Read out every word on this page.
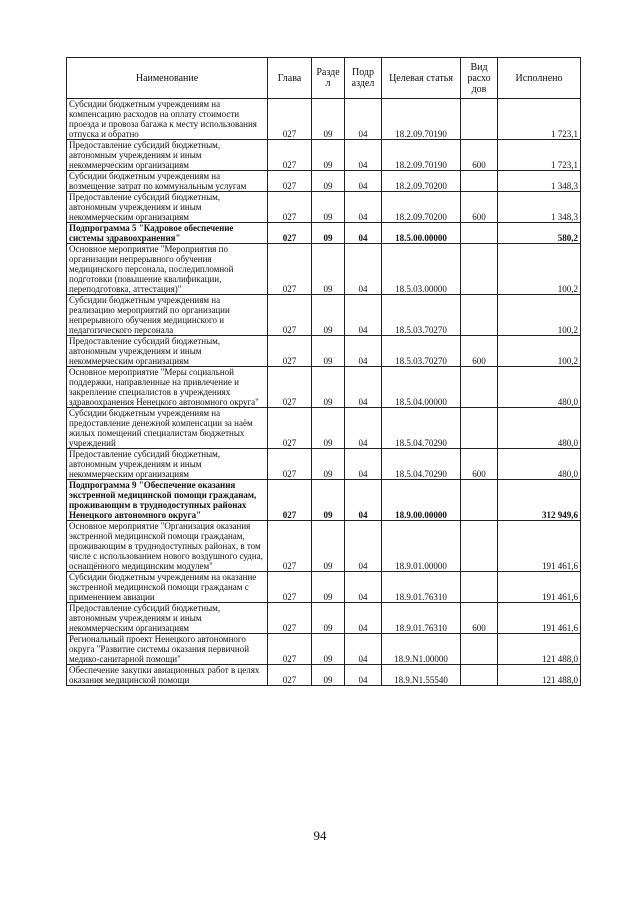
Наименование	Глава	Разде л	Подр аздел	Целевая статья	Вид расхо дов	Исполнено
Субсидии бюджетным учреждениям на компенсацию расходов на оплату стоимости проезда и провоза багажа к месту использования отпуска и обратно	027	09	04	18.2.09.70190		1 723,1
Предоставление субсидий бюджетным, автономным учреждениям и иным некоммерческим организациям	027	09	04	18.2.09.70190	600	1 723,1
Субсидии бюджетным учреждениям на возмещение затрат по коммунальным услугам	027	09	04	18.2.09.70200		1 348,3
Предоставление субсидий бюджетным, автономным учреждениям и иным некоммерческим организациям	027	09	04	18.2.09.70200	600	1 348,3
Подпрограмма 5 "Кадровое обеспечение системы здравоохранения"	027	09	04	18.5.00.00000		580,2
Основное мероприятие "Мероприятия по организации непрерывного обучения медицинского персонала, последипломной подготовки (повышение квалификации, переподготовка, аттестация)"	027	09	04	18.5.03.00000		100,2
Субсидии бюджетным учреждениям на реализацию мероприятий по организации непрерывного обучения медицинского и педагогического персонала	027	09	04	18.5.03.70270		100,2
Предоставление субсидий бюджетным, автономным учреждениям и иным некоммерческим организациям	027	09	04	18.5.03.70270	600	100,2
Основное мероприятие "Меры социальной поддержки, направленные на привлечение и закрепление специалистов в учреждениях здравоохранения Ненецкого автономного округа"	027	09	04	18.5.04.00000		480,0
Субсидии бюджетным учреждениям на предоставление денежной компенсации за наём жилых помещений специалистам бюджетных учреждений	027	09	04	18.5.04.70290		480,0
Предоставление субсидий бюджетным, автономным учреждениям и иным некоммерческим организациям	027	09	04	18.5.04.70290	600	480,0
Подпрограмма 9 "Обеспечение оказания экстренной медицинской помощи гражданам, проживающим в труднодоступных районах Ненецкого автономного округа"	027	09	04	18.9.00.00000		312 949,6
Основное мероприятие "Организация оказания экстренной медицинской помощи гражданам, проживающим в труднодоступных районах, в том числе с использованием нового воздушного судна, оснащённого медицинским модулем"	027	09	04	18.9.01.00000		191 461,6
Субсидии бюджетным учреждениям на оказание экстренной медицинской помощи гражданам с применением авиации	027	09	04	18.9.01.76310		191 461,6
Предоставление субсидий бюджетным, автономным учреждениям и иным некоммерческим организациям	027	09	04	18.9.01.76310	600	191 461,6
Региональный проект Ненецкого автономного округа "Развитие системы оказания первичной медико-санитарной помощи"	027	09	04	18.9.N1.00000		121 488,0
Обеспечение закупки авиационных работ в целях оказания медицинской помощи	027	09	04	18.9.N1.55540		121 488,0
94
